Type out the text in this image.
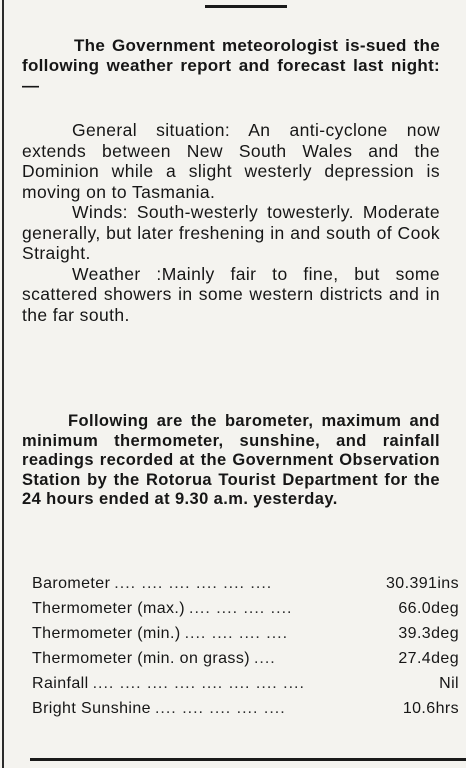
The Government meteorologist is-sued the following weather report and forecast last night:—

General situation: An anti-cyclone now extends between New South Wales and the Dominion while a slight westerly depression is moving on to Tasmania.

Winds: South-westerly towesterly. Moderate generally, but later freshening in and south of Cook Straight.

Weather :Mainly fair to fine, but some scattered showers in some western districts and in the far south.

Following are the barometer, maximum and minimum thermometer, sunshine, and rainfall readings recorded at the Government Observation Station by the Rotorua Tourist Department for the 24 hours ended at 9.30 a.m. yesterday.
Barometer .... .... .... .... .... ....	30.391ins
Thermometer (max.) .... .... .... ....	66.0deg
Thermometer (min.) .... .... .... ....	39.3deg
Thermometer (min. on grass) ....	27.4deg
Rainfall .... .... .... .... .... .... .... ....	Nil
Bright Sunshine .... .... .... .... ....	10.6hrs
